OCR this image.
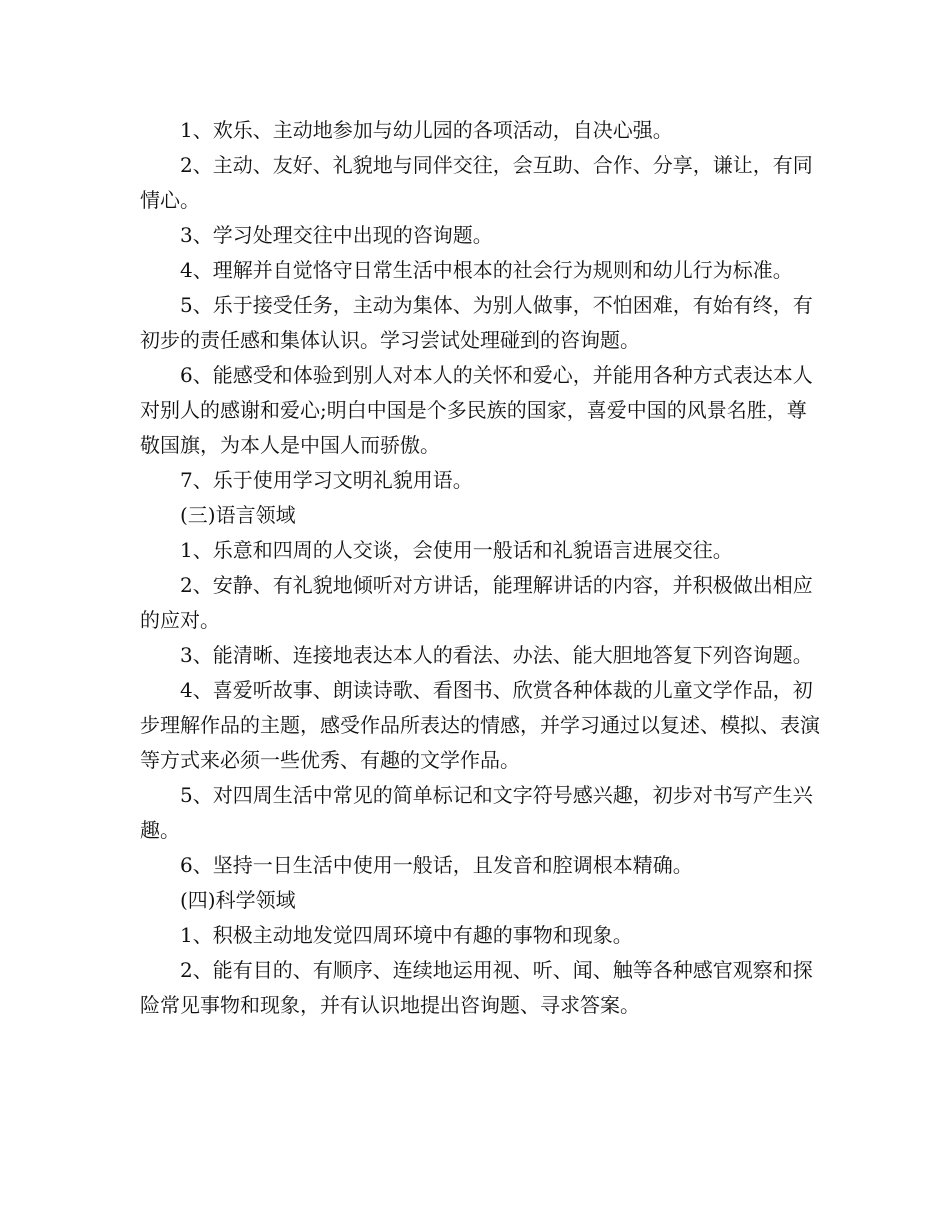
1、欢乐、主动地参加与幼儿园的各项活动，自决心强。

2、主动、友好、礼貌地与同伴交往，会互助、合作、分享，谦让，有同情心。

3、学习处理交往中出现的咨询题。

4、理解并自觉恪守日常生活中根本的社会行为规则和幼儿行为标准。

5、乐于接受任务，主动为集体、为别人做事，不怕困难，有始有终，有初步的责任感和集体认识。学习尝试处理碰到的咨询题。

6、能感受和体验到别人对本人的关怀和爱心，并能用各种方式表达本人对别人的感谢和爱心;明白中国是个多民族的国家，喜爱中国的风景名胜，尊敬国旗，为本人是中国人而骄傲。

7、乐于使用学习文明礼貌用语。

(三)语言领域

1、乐意和四周的人交谈，会使用一般话和礼貌语言进展交往。

2、安静、有礼貌地倾听对方讲话，能理解讲话的内容，并积极做出相应的应对。

3、能清晰、连接地表达本人的看法、办法、能大胆地答复下列咨询题。

4、喜爱听故事、朗读诗歌、看图书、欣赏各种体裁的儿童文学作品，初步理解作品的主题，感受作品所表达的情感，并学习通过以复述、模拟、表演等方式来必须一些优秀、有趣的文学作品。

5、对四周生活中常见的简单标记和文字符号感兴趣，初步对书写产生兴趣。

6、坚持一日生活中使用一般话，且发音和腔调根本精确。

(四)科学领域

1、积极主动地发觉四周环境中有趣的事物和现象。

2、能有目的、有顺序、连续地运用视、听、闻、触等各种感官观察和探险常见事物和现象，并有认识地提出咨询题、寻求答案。
